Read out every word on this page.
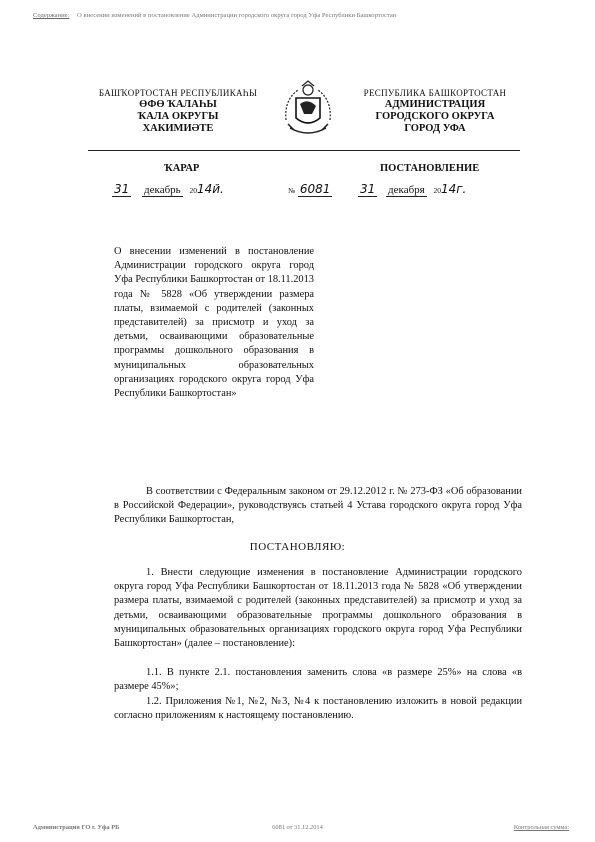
Содержание: О внесении изменений в постановление Администрации городского округа город Уфа Республики Башкортостан
БАШҠОРТОСТАН РЕСПУБЛИКАҺЫ
ӨФӨ ҠАЛАҺЫ
ҠАЛА ОКРУГЫ
ХАКИМИӘТЕ
РЕСПУБЛИКА БАШКОРТОСТАН
АДМИНИСТРАЦИЯ
ГОРОДСКОГО ОКРУГА
ГОРОД УФА
ҠАРАР	ПОСТАНОВЛЕНИЕ
31 декабрь 2014й.	№ 6081 31 декабря 2014г.
О внесении изменений в постановление Администрации городского округа город Уфа Республики Башкортостан от 18.11.2013 года № 5828 «Об утверждении размера платы, взимаемой с родителей (законных представителей) за присмотр и уход за детьми, осваивающими образовательные программы дошкольного образования в муниципальных образовательных организациях городского округа город Уфа Республики Башкортостан»
В соответствии с Федеральным законом от 29.12.2012 г. № 273-ФЗ «Об образовании в Российской Федерации», руководствуясь статьей 4 Устава городского округа город Уфа Республики Башкортостан,
ПОСТАНОВЛЯЮ:
1. Внести следующие изменения в постановление Администрации городского округа город Уфа Республики Башкортостан от 18.11.2013 года № 5828 «Об утверждении размера платы, взимаемой с родителей (законных представителей) за присмотр и уход за детьми, осваивающими образовательные программы дошкольного образования в муниципальных образовательных организациях городского округа город Уфа Республики Башкортостан» (далее – постановление):
1.1. В пункте 2.1. постановления заменить слова «в размере 25%» на слова «в размере 45%»;
1.2. Приложения №1, №2, №3, №4 к постановлению изложить в новой редакции согласно приложениям к настоящему постановлению.
Администрация ГО г. Уфа РБ	6081 от 31.12.2014	Контрольная сумма:
